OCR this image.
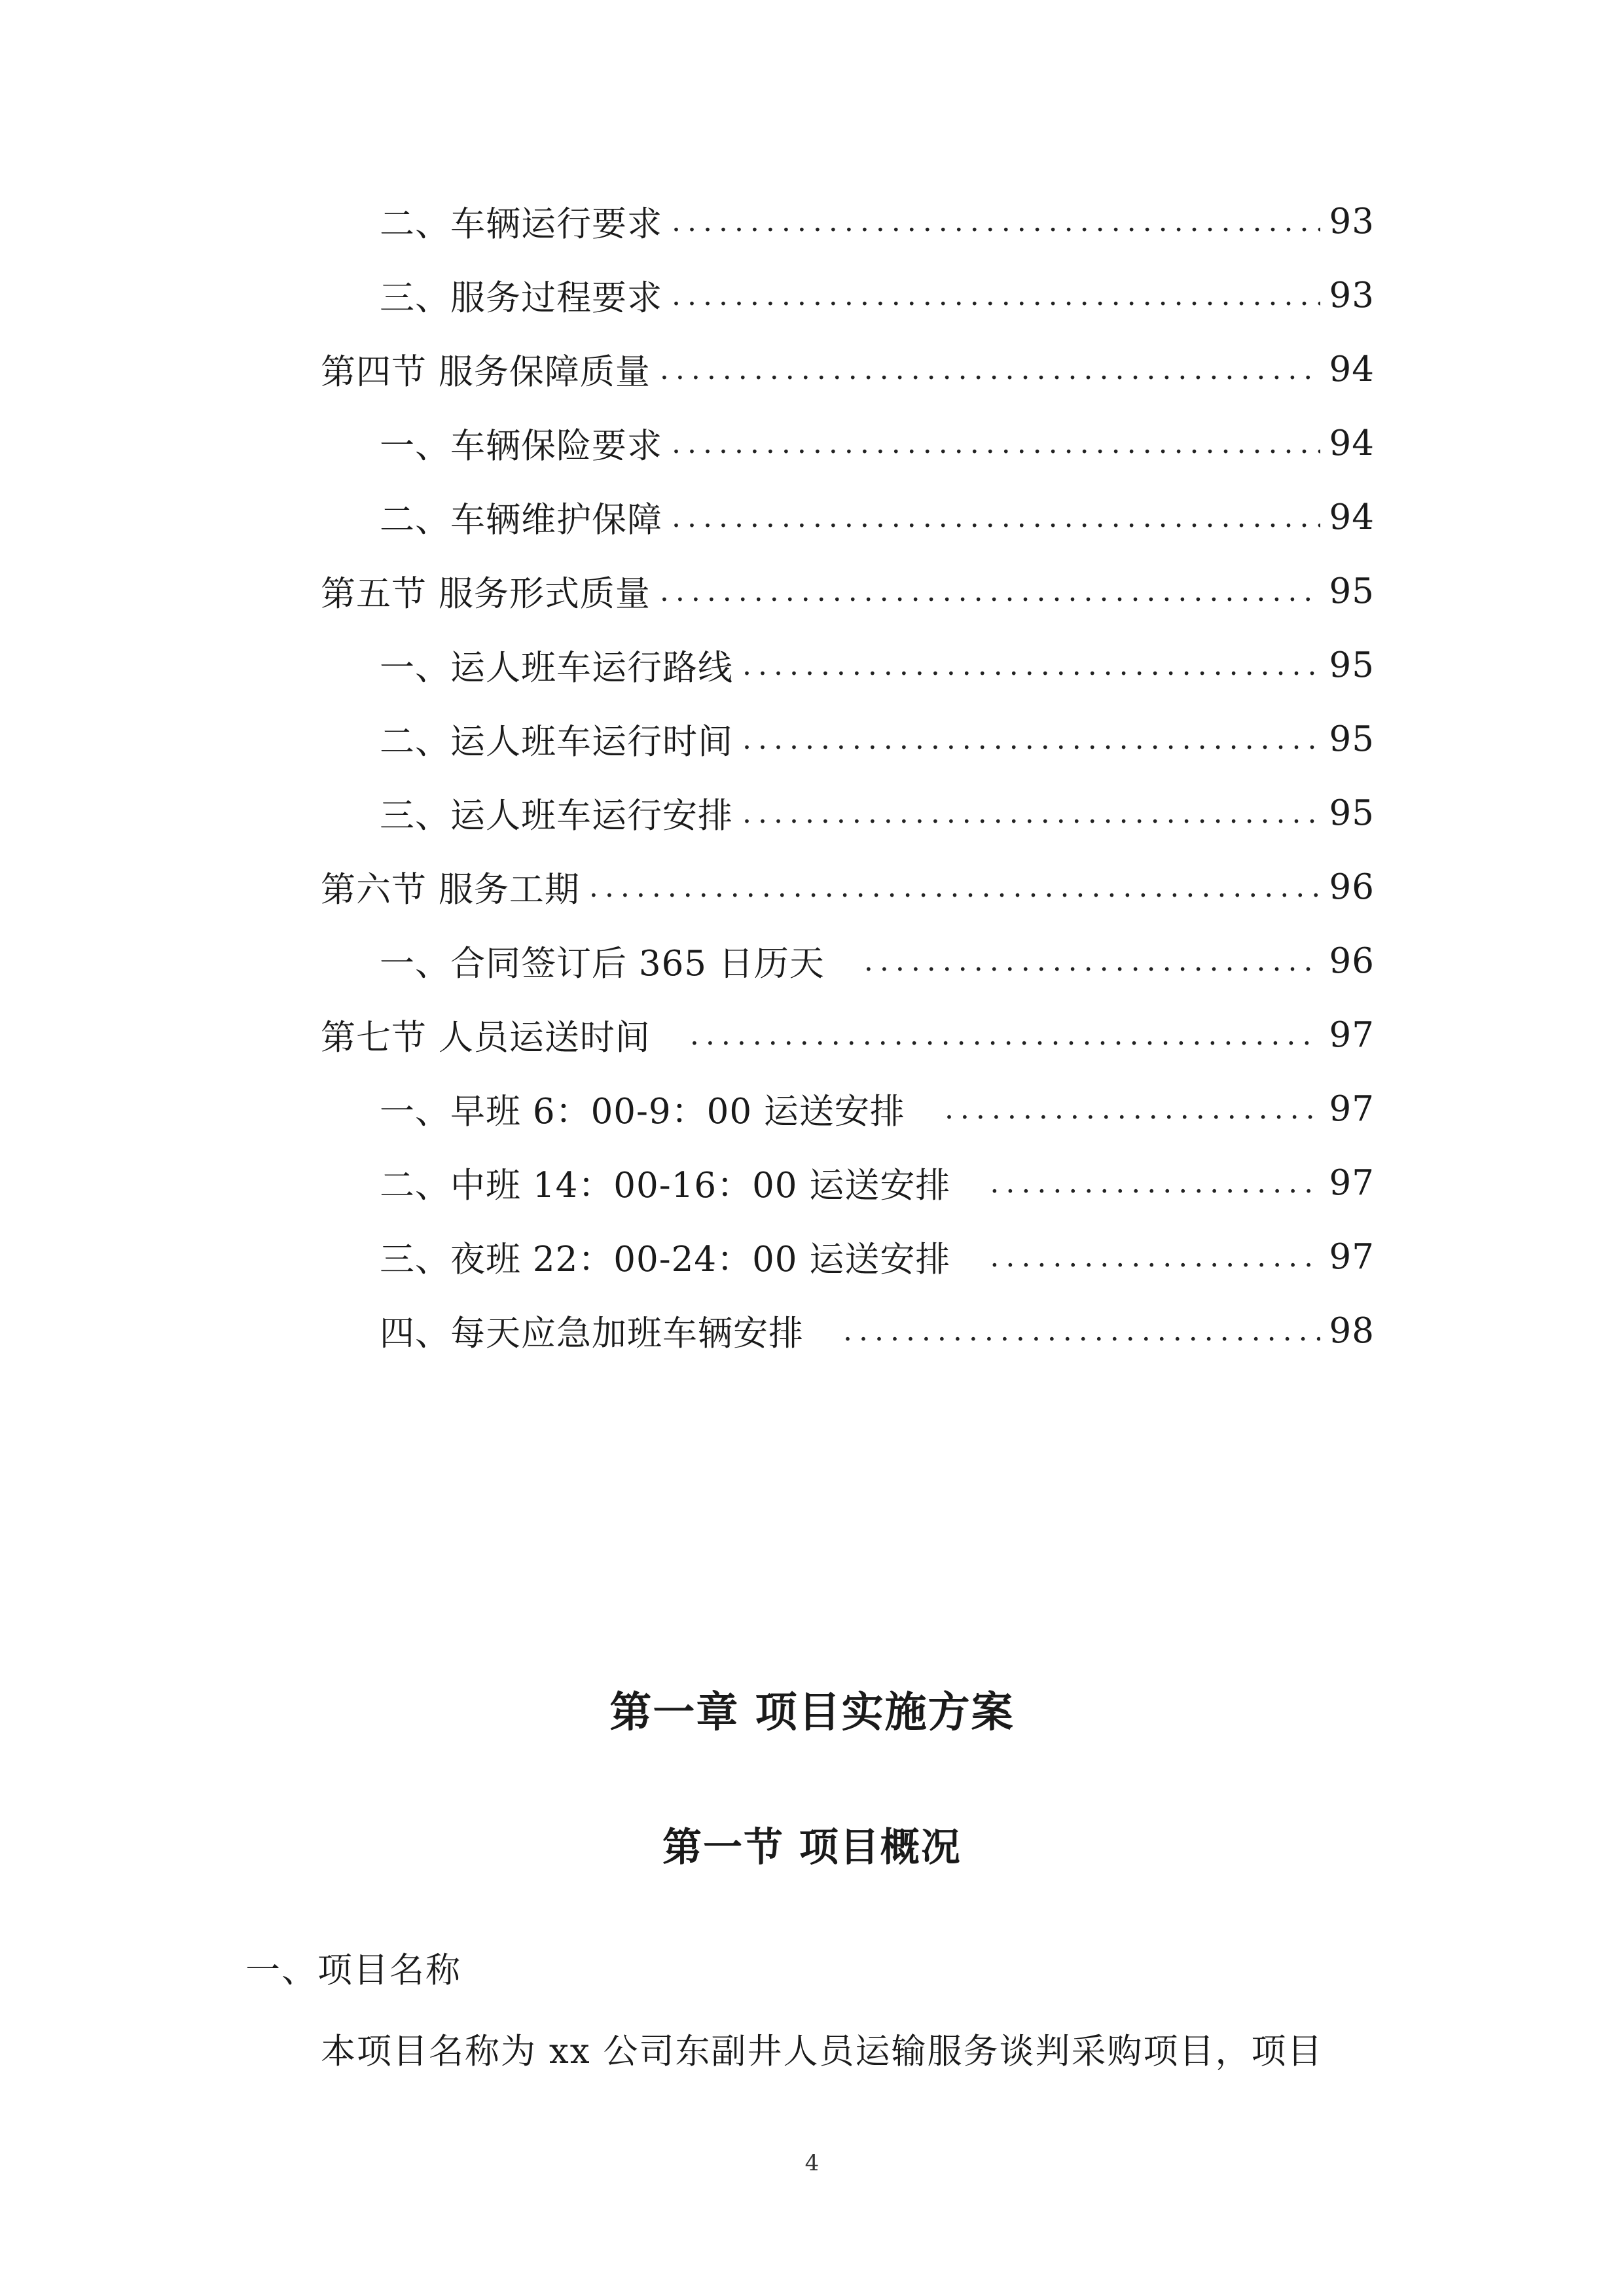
二、车辆运行要求 .....	93
三、服务过程要求 .....	93
第四节 服务保障质量 .....	94
一、车辆保险要求 .....	94
二、车辆维护保障 .....	94
第五节 服务形式质量 .....	95
一、运人班车运行路线 .....	95
二、运人班车运行时间 .....	95
三、运人班车运行安排 .....	95
第六节 服务工期 .....	96
一、合同签订后 365 日历天 .....	96
第七节 人员运送时间 .....	97
一、早班 6：00-9：00 运送安排 .....	97
二、中班 14：00-16：00 运送安排 .....	97
三、夜班 22：00-24：00 运送安排 .....	97
四、每天应急加班车辆安排 .....	98
第一章 项目实施方案
第一节 项目概况
一、项目名称
本项目名称为 xx 公司东副井人员运输服务谈判采购项目，项目
4
